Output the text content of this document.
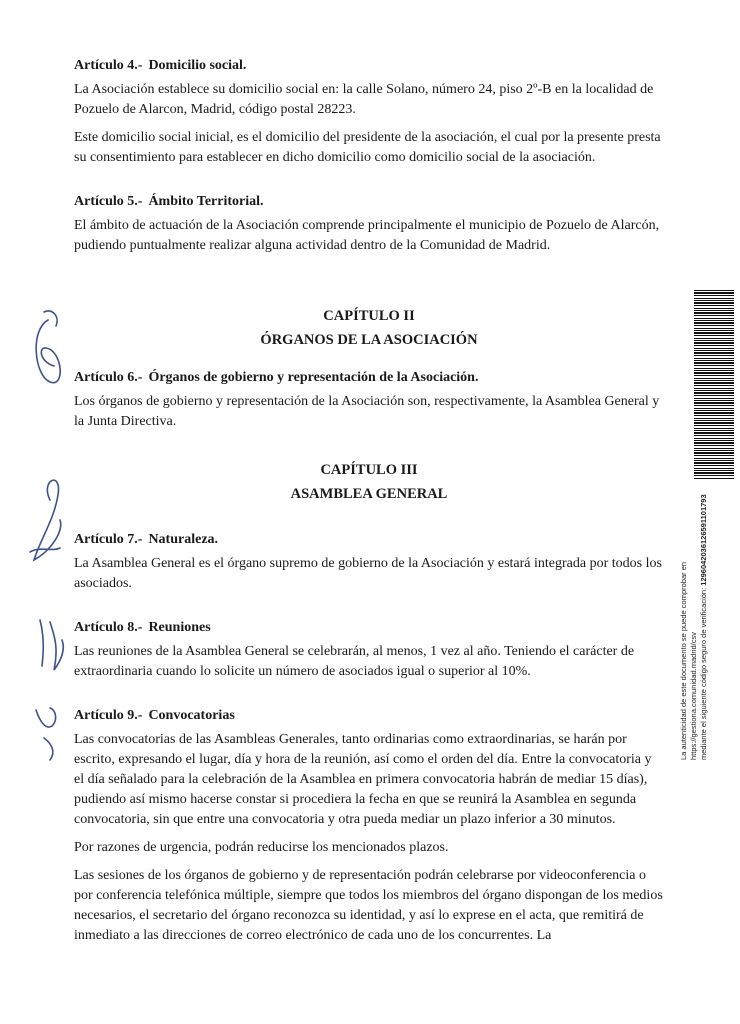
Artículo 4.- Domicilio social.

La Asociación establece su domicilio social en: la calle Solano, número 24, piso 2º-B en la localidad de Pozuelo de Alarcon, Madrid, código postal 28223.

Este domicilio social inicial, es el domicilio del presidente de la asociación, el cual por la presente presta su consentimiento para establecer en dicho domicilio como domicilio social de la asociación.

Artículo 5.- Ámbito Territorial.

El ámbito de actuación de la Asociación comprende principalmente el municipio de Pozuelo de Alarcón, pudiendo puntualmente realizar alguna actividad dentro de la Comunidad de Madrid.

CAPÍTULO II

ÓRGANOS DE LA ASOCIACIÓN

Artículo 6.- Órganos de gobierno y representación de la Asociación.

Los órganos de gobierno y representación de la Asociación son, respectivamente, la Asamblea General y la Junta Directiva.

CAPÍTULO III

ASAMBLEA GENERAL

Artículo 7.- Naturaleza.

La Asamblea General es el órgano supremo de gobierno de la Asociación y estará integrada por todos los asociados.

Artículo 8.- Reuniones

Las reuniones de la Asamblea General se celebrarán, al menos, 1 vez al año. Teniendo el carácter de extraordinaria cuando lo solicite un número de asociados igual o superior al 10%.

Artículo 9.- Convocatorias

Las convocatorias de las Asambleas Generales, tanto ordinarias como extraordinarias, se harán por escrito, expresando el lugar, día y hora de la reunión, así como el orden del día. Entre la convocatoria y el día señalado para la celebración de la Asamblea en primera convocatoria habrán de mediar 15 días), pudiendo así mismo hacerse constar si procediera la fecha en que se reunirá la Asamblea en segunda convocatoria, sin que entre una convocatoria y otra pueda mediar un plazo inferior a 30 minutos.

Por razones de urgencia, podrán reducirse los mencionados plazos.

Las sesiones de los órganos de gobierno y de representación podrán celebrarse por videoconferencia o por conferencia telefónica múltiple, siempre que todos los miembros del órgano dispongan de los medios necesarios, el secretario del órgano reconozca su identidad, y así lo exprese en el acta, que remitirá de inmediato a las direcciones de correo electrónico de cada uno de los concurrentes. La

La autenticidad de este documento se puede comprobar en https://gestiona.comunidad.madrid/csv mediante el siguiente código seguro de verificación: 1296042036126591101793
